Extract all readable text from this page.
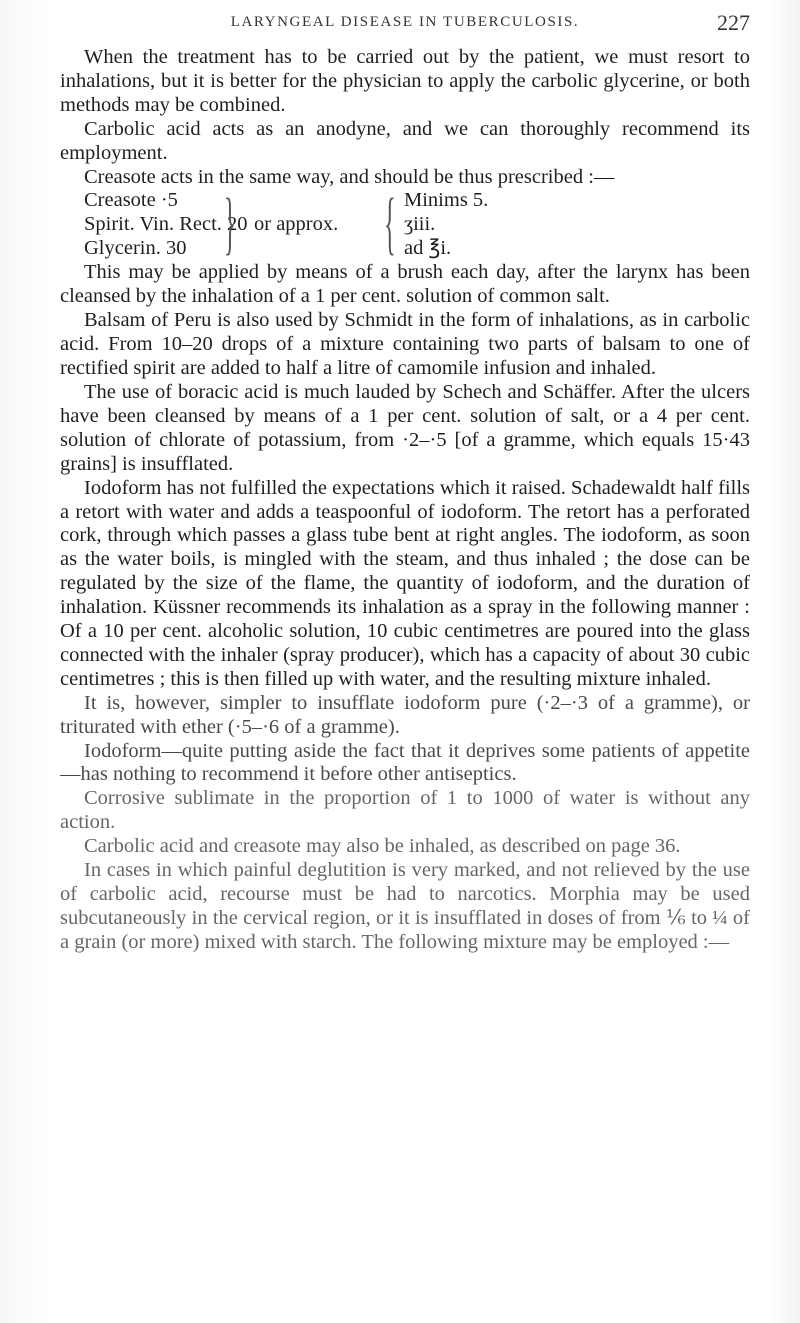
LARYNGEAL DISEASE IN TUBERCULOSIS.	227

When the treatment has to be carried out by the patient, we must resort to inhalations, but it is better for the physician to apply the carbolic glycerine, or both methods may be combined.

Carbolic acid acts as an anodyne, and we can thoroughly recommend its employment.

Creasote acts in the same way, and should be thus prescribed :—

Creasote ·5
Spirit. Vin. Rect. 20
Glycerin. 30 } or approx. { Minims 5.
ʒiii.
ad ℥i.

This may be applied by means of a brush each day, after the larynx has been cleansed by the inhalation of a 1 per cent. solution of common salt.

Balsam of Peru is also used by Schmidt in the form of inhalations, as in carbolic acid. From 10–20 drops of a mixture containing two parts of balsam to one of rectified spirit are added to half a litre of camomile infusion and inhaled.

The use of boracic acid is much lauded by Schech and Schäffer. After the ulcers have been cleansed by means of a 1 per cent. solution of salt, or a 4 per cent. solution of chlorate of potassium, from ·2–·5 [of a gramme, which equals 15·43 grains] is insufflated.

Iodoform has not fulfilled the expectations which it raised. Schadewaldt half fills a retort with water and adds a teaspoonful of iodoform. The retort has a perforated cork, through which passes a glass tube bent at right angles. The iodoform, as soon as the water boils, is mingled with the steam, and thus inhaled ; the dose can be regulated by the size of the flame, the quantity of iodoform, and the duration of inhalation. Küssner recommends its inhalation as a spray in the following manner : Of a 10 per cent. alcoholic solution, 10 cubic centimetres are poured into the glass connected with the inhaler (spray producer), which has a capacity of about 30 cubic centimetres ; this is then filled up with water, and the resulting mixture inhaled.

It is, however, simpler to insufflate iodoform pure (·2–·3 of a gramme), or triturated with ether (·5–·6 of a gramme).

Iodoform—quite putting aside the fact that it deprives some patients of appetite—has nothing to recommend it before other antiseptics.

Corrosive sublimate in the proportion of 1 to 1000 of water is without any action.

Carbolic acid and creasote may also be inhaled, as described on page 36.

In cases in which painful deglutition is very marked, and not relieved by the use of carbolic acid, recourse must be had to narcotics. Morphia may be used subcutaneously in the cervical region, or it is insufflated in doses of from ⅙ to ¼ of a grain (or more) mixed with starch. The following mixture may be employed :—
